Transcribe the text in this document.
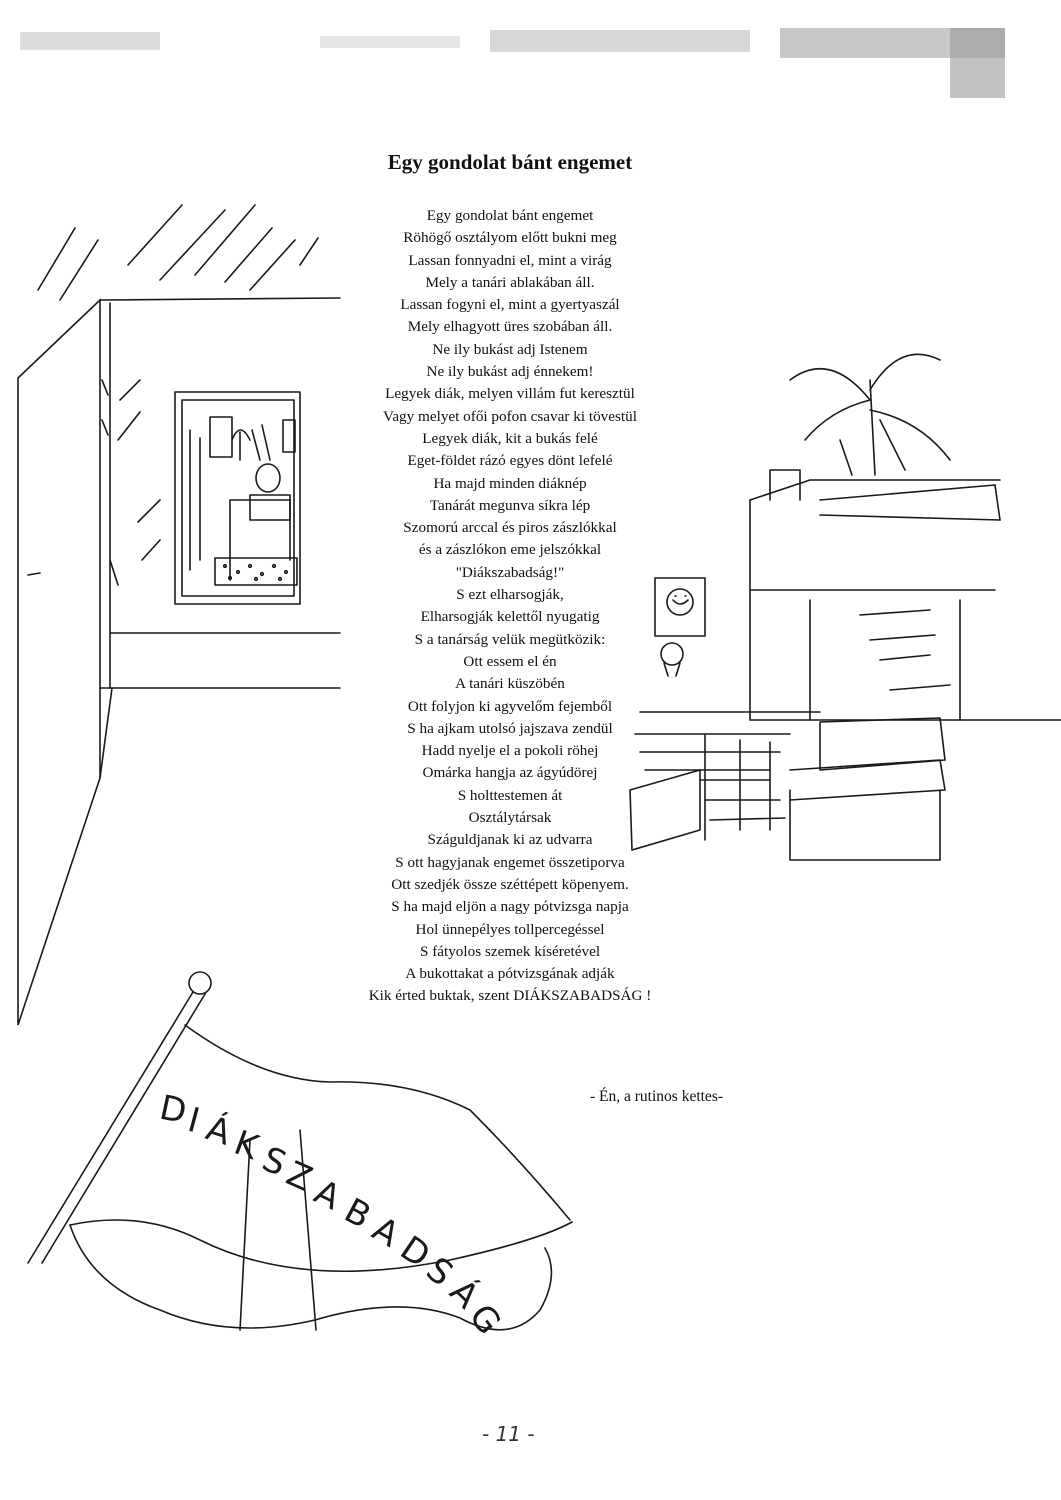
D
I
Á
K
S
Z
A
B
A
D
S
Á
G
Egy gondolat bánt engemet
Egy gondolat bánt engemet
Röhögő osztályom előtt bukni meg
Lassan fonnyadni el, mint a virág
Mely a tanári ablakában áll.
Lassan fogyni el, mint a gyertyaszál
Mely elhagyott üres szobában áll.
Ne ily bukást adj Istenem
Ne ily bukást adj énnekem!
Legyek diák, melyen villám fut keresztül
Vagy melyet ofői pofon csavar ki tövestül
Legyek diák, kit a bukás felé
Eget-földet rázó egyes dönt lefelé
Ha majd minden diáknép
Tanárát megunva síkra lép
Szomorú arccal és piros zászlókkal
és a zászlókon eme jelszókkal
"Diákszabadság!"
S ezt elharsogják,
Elharsogják kelettől nyugatig
S a tanárság velük megütközik:
Ott essem el én
A tanári küszöbén
Ott folyjon ki agyvelőm fejemből
S ha ajkam utolsó jajszava zendül
Hadd nyelje el a pokoli röhej
Omárka hangja az ágyúdörej
S holttestemen át
Osztálytársak
Száguldjanak ki az udvarra
S ott hagyjanak engemet összetiporva
Ott szedjék össze széttépett köpenyem.
S ha majd eljön a nagy pótvizsga napja
Hol ünnepélyes tollpercegéssel
S fátyolos szemek kíséretével
A bukottakat a pótvizsgának adják
Kik érted buktak, szent DIÁKSZABADSÁG !
- Én, a rutinos kettes-
- 11 -
